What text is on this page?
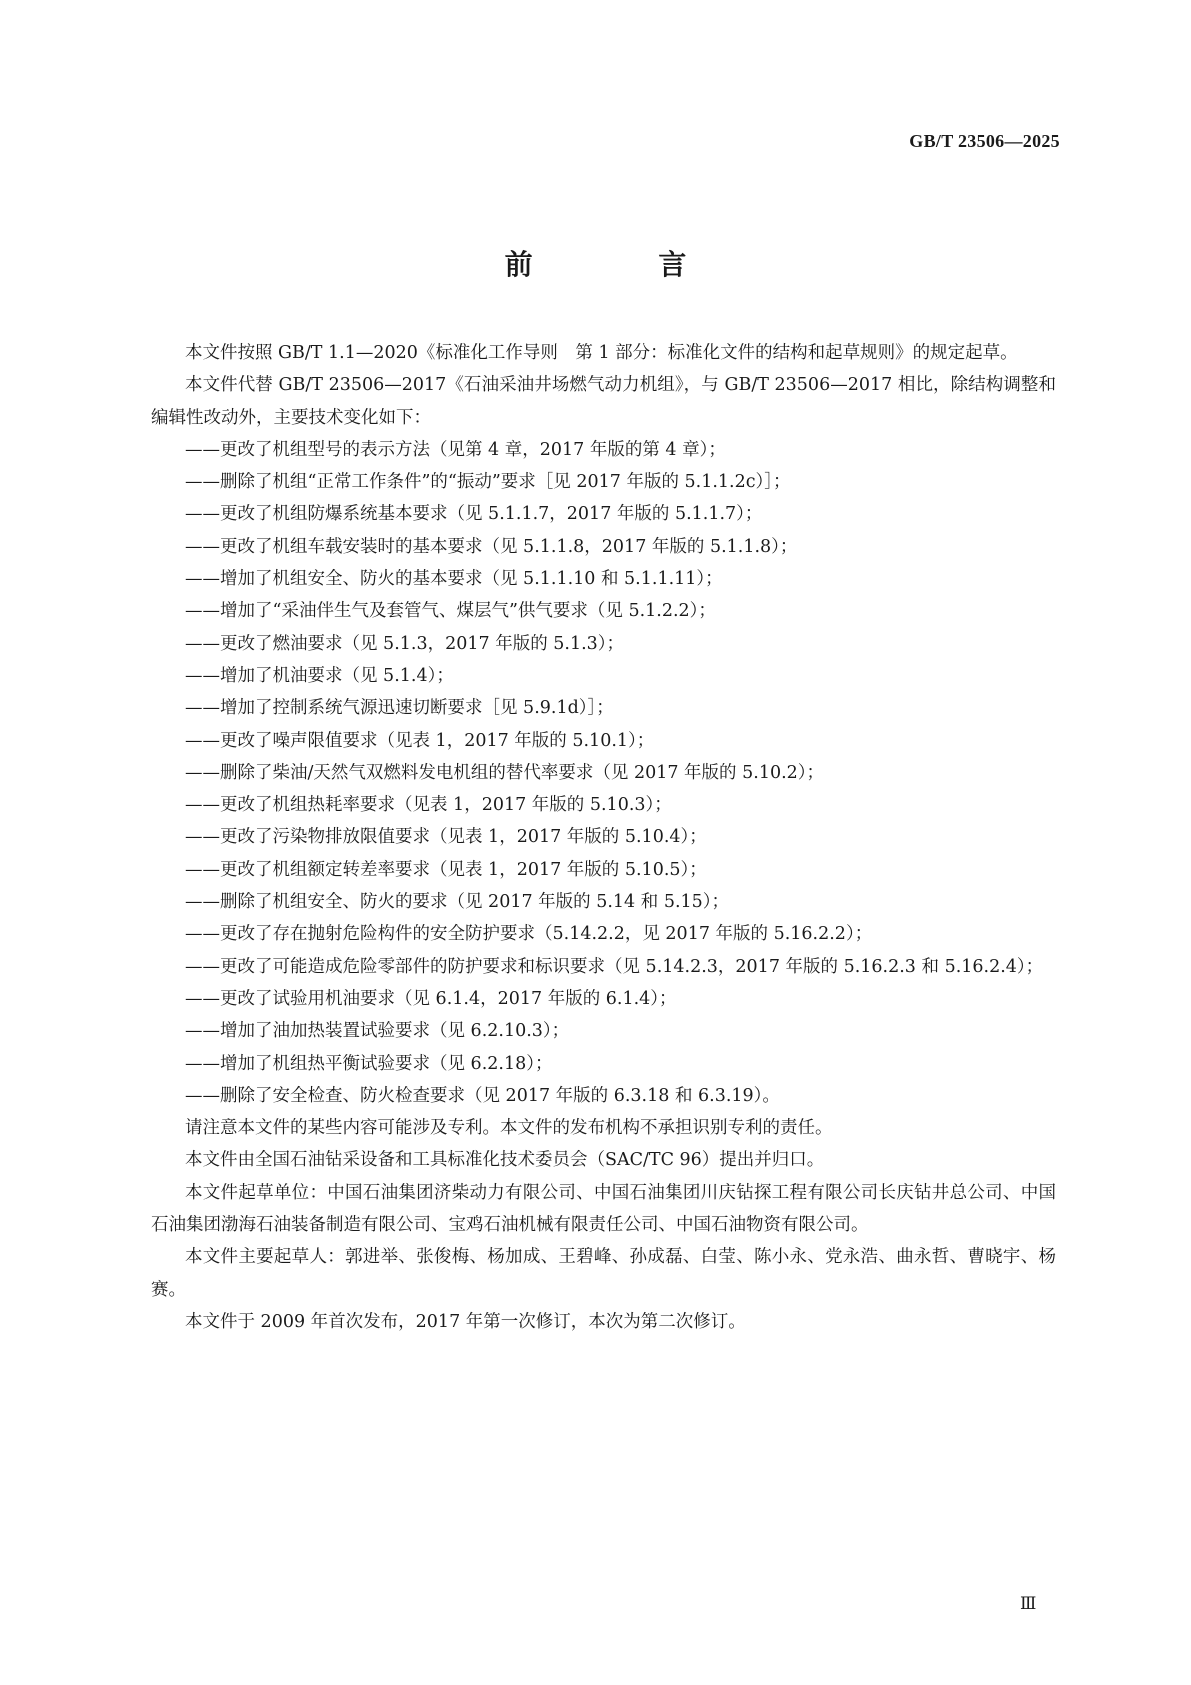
GB/T 23506—2025
前 言

本文件按照 GB/T 1.1—2020《标准化工作导则　第 1 部分：标准化文件的结构和起草规则》的规定起草。

本文件代替 GB/T 23506—2017《石油采油井场燃气动力机组》，与 GB/T 23506—2017 相比，除结构调整和编辑性改动外，主要技术变化如下：

——更改了机组型号的表示方法（见第 4 章，2017 年版的第 4 章）；

——删除了机组“正常工作条件”的“振动”要求［见 2017 年版的 5.1.1.2c）］；

——更改了机组防爆系统基本要求（见 5.1.1.7，2017 年版的 5.1.1.7）；

——更改了机组车载安装时的基本要求（见 5.1.1.8，2017 年版的 5.1.1.8）；

——增加了机组安全、防火的基本要求（见 5.1.1.10 和 5.1.1.11）；

——增加了“采油伴生气及套管气、煤层气”供气要求（见 5.1.2.2）；

——更改了燃油要求（见 5.1.3，2017 年版的 5.1.3）；

——增加了机油要求（见 5.1.4）；

——增加了控制系统气源迅速切断要求［见 5.9.1d）］；

——更改了噪声限值要求（见表 1，2017 年版的 5.10.1）；

——删除了柴油/天然气双燃料发电机组的替代率要求（见 2017 年版的 5.10.2）；

——更改了机组热耗率要求（见表 1，2017 年版的 5.10.3）；

——更改了污染物排放限值要求（见表 1，2017 年版的 5.10.4）；

——更改了机组额定转差率要求（见表 1，2017 年版的 5.10.5）；

——删除了机组安全、防火的要求（见 2017 年版的 5.14 和 5.15）；

——更改了存在抛射危险构件的安全防护要求（5.14.2.2，见 2017 年版的 5.16.2.2）；

——更改了可能造成危险零部件的防护要求和标识要求（见 5.14.2.3，2017 年版的 5.16.2.3 和 5.16.2.4）；

——更改了试验用机油要求（见 6.1.4，2017 年版的 6.1.4）；

——增加了油加热装置试验要求（见 6.2.10.3）；

——增加了机组热平衡试验要求（见 6.2.18）；

——删除了安全检查、防火检查要求（见 2017 年版的 6.3.18 和 6.3.19）。

请注意本文件的某些内容可能涉及专利。本文件的发布机构不承担识别专利的责任。

本文件由全国石油钻采设备和工具标准化技术委员会（SAC/TC 96）提出并归口。

本文件起草单位：中国石油集团济柴动力有限公司、中国石油集团川庆钻探工程有限公司长庆钻井总公司、中国石油集团渤海石油装备制造有限公司、宝鸡石油机械有限责任公司、中国石油物资有限公司。

本文件主要起草人：郭进举、张俊梅、杨加成、王碧峰、孙成磊、白莹、陈小永、党永浩、曲永哲、曹晓宇、杨赛。

本文件于 2009 年首次发布，2017 年第一次修订，本次为第二次修订。

Ⅲ
